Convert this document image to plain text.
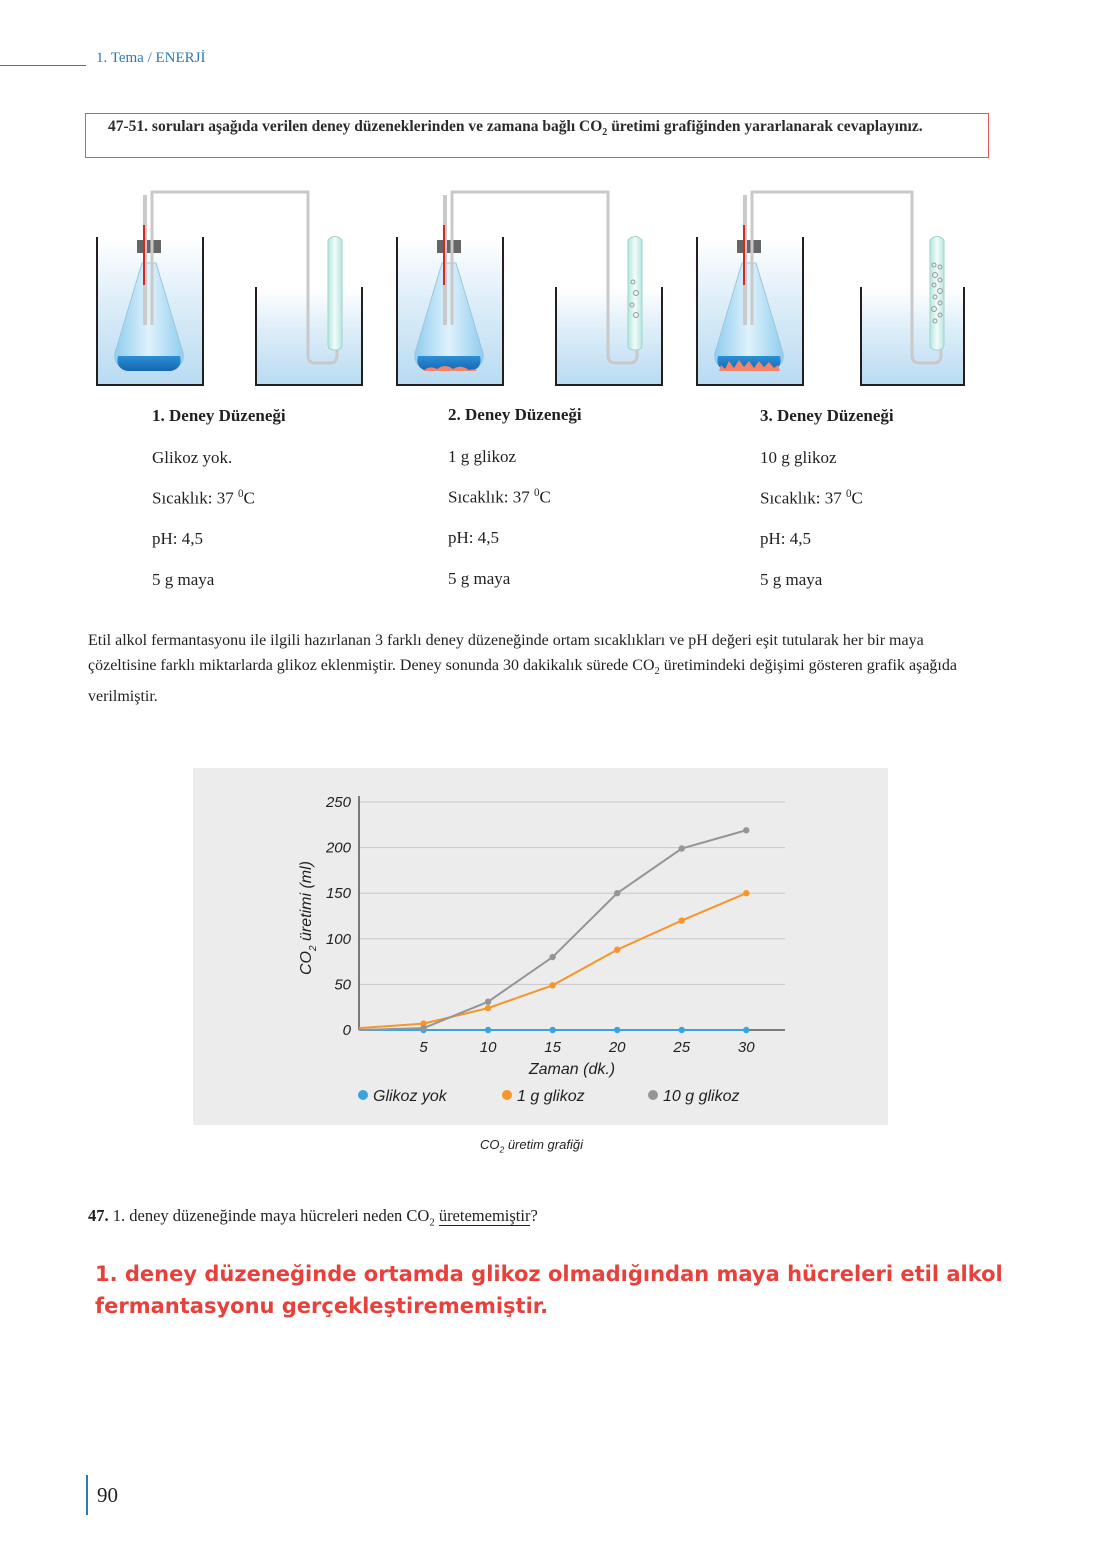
1. Tema / ENERJİ
47-51. soruları aşağıda verilen deney düzeneklerinden ve zamana bağlı $CO_2$ üretimi grafiğinden yararlanarak cevaplayınız.
1. Deney Düzeneği
Glikoz yok.
Sıcaklık: 37 $^0$C
pH: 4,5
5 g maya
2. Deney Düzeneği
1 g glikoz
Sıcaklık: 37 $^0$C
pH: 4,5
5 g maya
3. Deney Düzeneği
10 g glikoz
Sıcaklık: 37 $^0$C
pH: 4,5
5 g maya
Etil alkol fermantasyonu ile ilgili hazırlanan 3 farklı deney düzeneğinde ortam sıcaklıkları ve pH değeri eşit tutularak her bir maya çözeltisine farklı miktarlarda glikoz eklenmiştir. Deney sonunda 30 dakikalık sürede $CO_2$ üretimindeki değişimi gösteren grafik aşağıda verilmiştir.
0
50
100
150
200
250
5	10	15	20	25	30
Zaman (dk.)
$CO_2$ üretimi (ml)
Glikoz yok	1 g glikoz	10 g glikoz
$CO_2$ üretim grafiği
47. 1. deney düzeneğinde maya hücreleri neden $CO_2$ üretememiştir?
1. deney düzeneğinde ortamda glikoz olmadığından maya hücreleri etil alkol fermantasyonu gerçekleştirememiştir.
90
